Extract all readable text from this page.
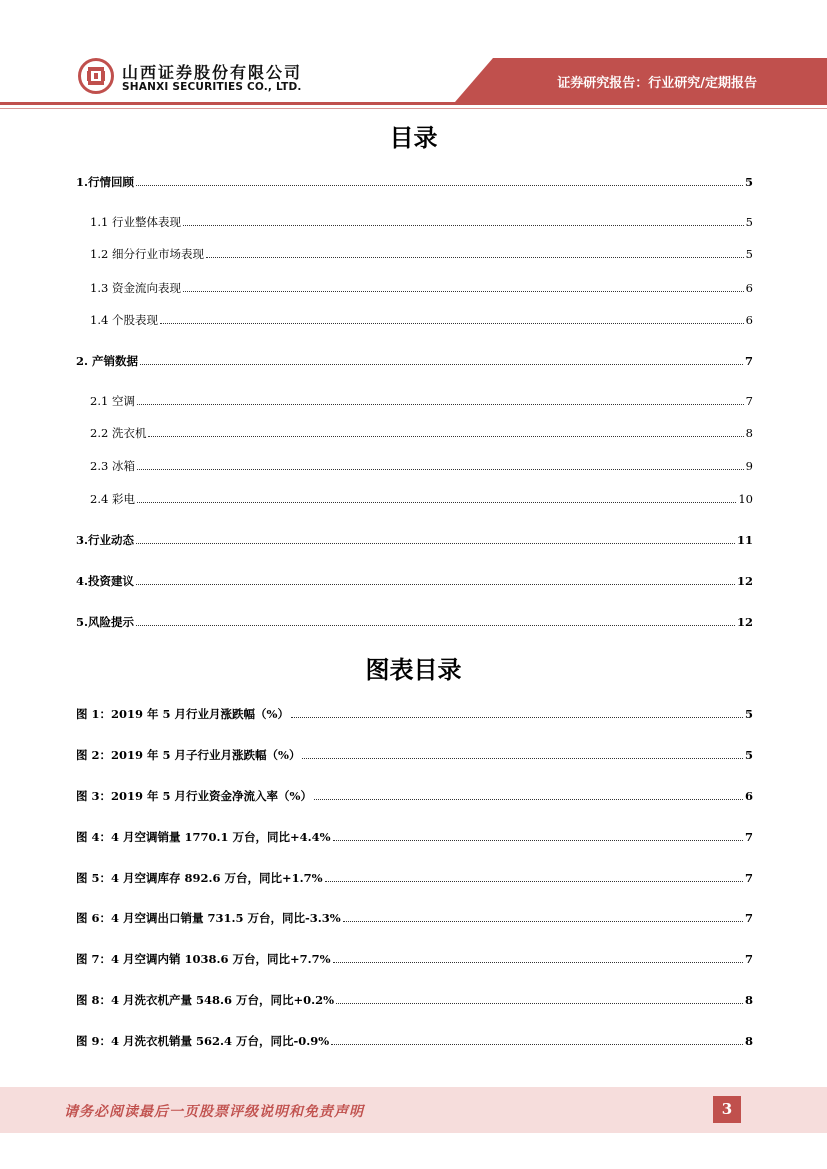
山西证券股份有限公司
SHANXI SECURITIES CO., LTD.	证券研究报告：行业研究/定期报告
目录
1.行情回顾	5
1.1 行业整体表现	5
1.2 细分行业市场表现	5
1.3 资金流向表现	6
1.4 个股表现	6
2. 产销数据	7
2.1 空调	7
2.2 洗衣机	8
2.3 冰箱	9
2.4 彩电	10
3.行业动态	11
4.投资建议	12
5.风险提示	12
图表目录
图 1：2019 年 5 月行业月涨跌幅（%）	5
图 2：2019 年 5 月子行业月涨跌幅（%）	5
图 3：2019 年 5 月行业资金净流入率（%）	6
图 4：4 月空调销量 1770.1 万台，同比+4.4%	7
图 5：4 月空调库存 892.6 万台，同比+1.7%	7
图 6：4 月空调出口销量 731.5 万台，同比-3.3%	7
图 7：4 月空调内销 1038.6 万台，同比+7.7%	7
图 8：4 月洗衣机产量 548.6 万台，同比+0.2%	8
图 9：4 月洗衣机销量 562.4 万台，同比-0.9%	8
请务必阅读最后一页股票评级说明和免责声明	3
